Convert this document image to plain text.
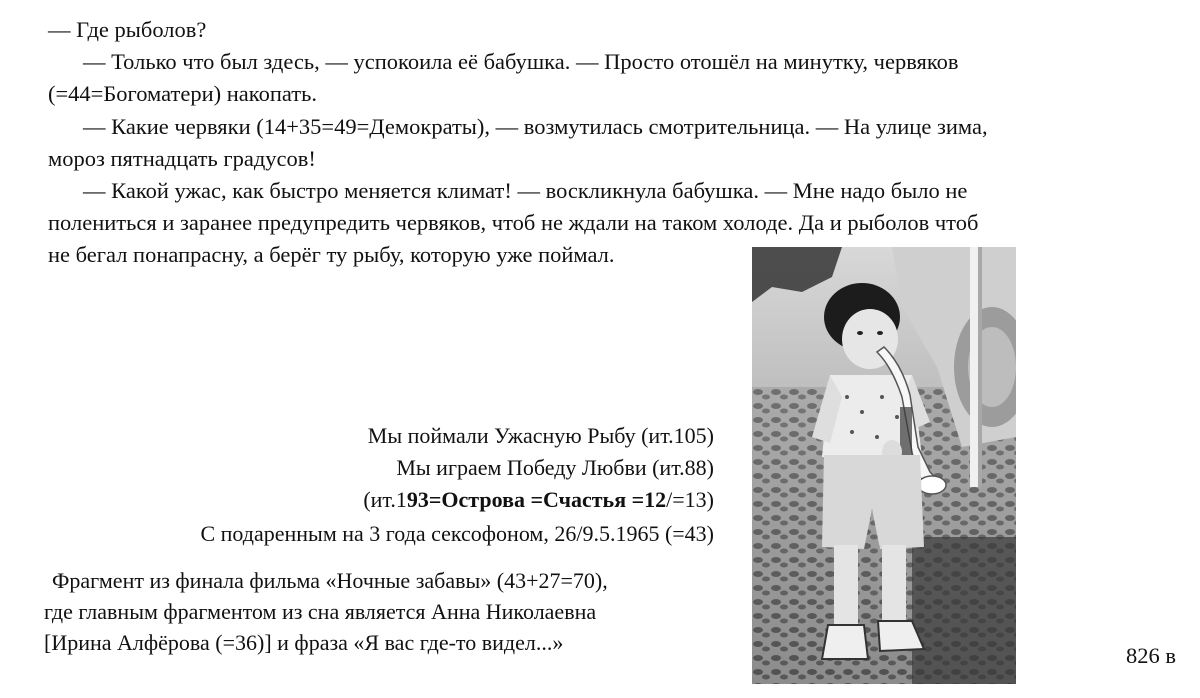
— Где рыболов?
— Только что был здесь, — успокоила её бабушка. — Просто отошёл на минутку, червяков
(=44=Богоматери) накопать.
— Какие червяки (14+35=49=Демократы), — возмутилась смотрительница. — На улице зима,
мороз пятнадцать градусов!
— Какой ужас, как быстро меняется климат! — воскликнула бабушка. — Мне надо было не
полениться и заранее предупредить червяков, чтоб не ждали на таком холоде. Да и рыболов чтоб
не бегал понапрасну, а берёг ту рыбу, которую уже поймал.
Мы поймали Ужасную Рыбу (ит.105)
Мы играем Победу Любви (ит.88)
(ит.193=Острова =Счастья =12/=13)
С подаренным на 3 года сексофоном, 26/9.5.1965 (=43)
Фрагмент из финала фильма «Ночные забавы» (43+27=70),
где главным фрагментом из сна является Анна Николаевна
[Ирина Алфёрова (=36)] и фраза «Я вас где-то видел...»
826 в
